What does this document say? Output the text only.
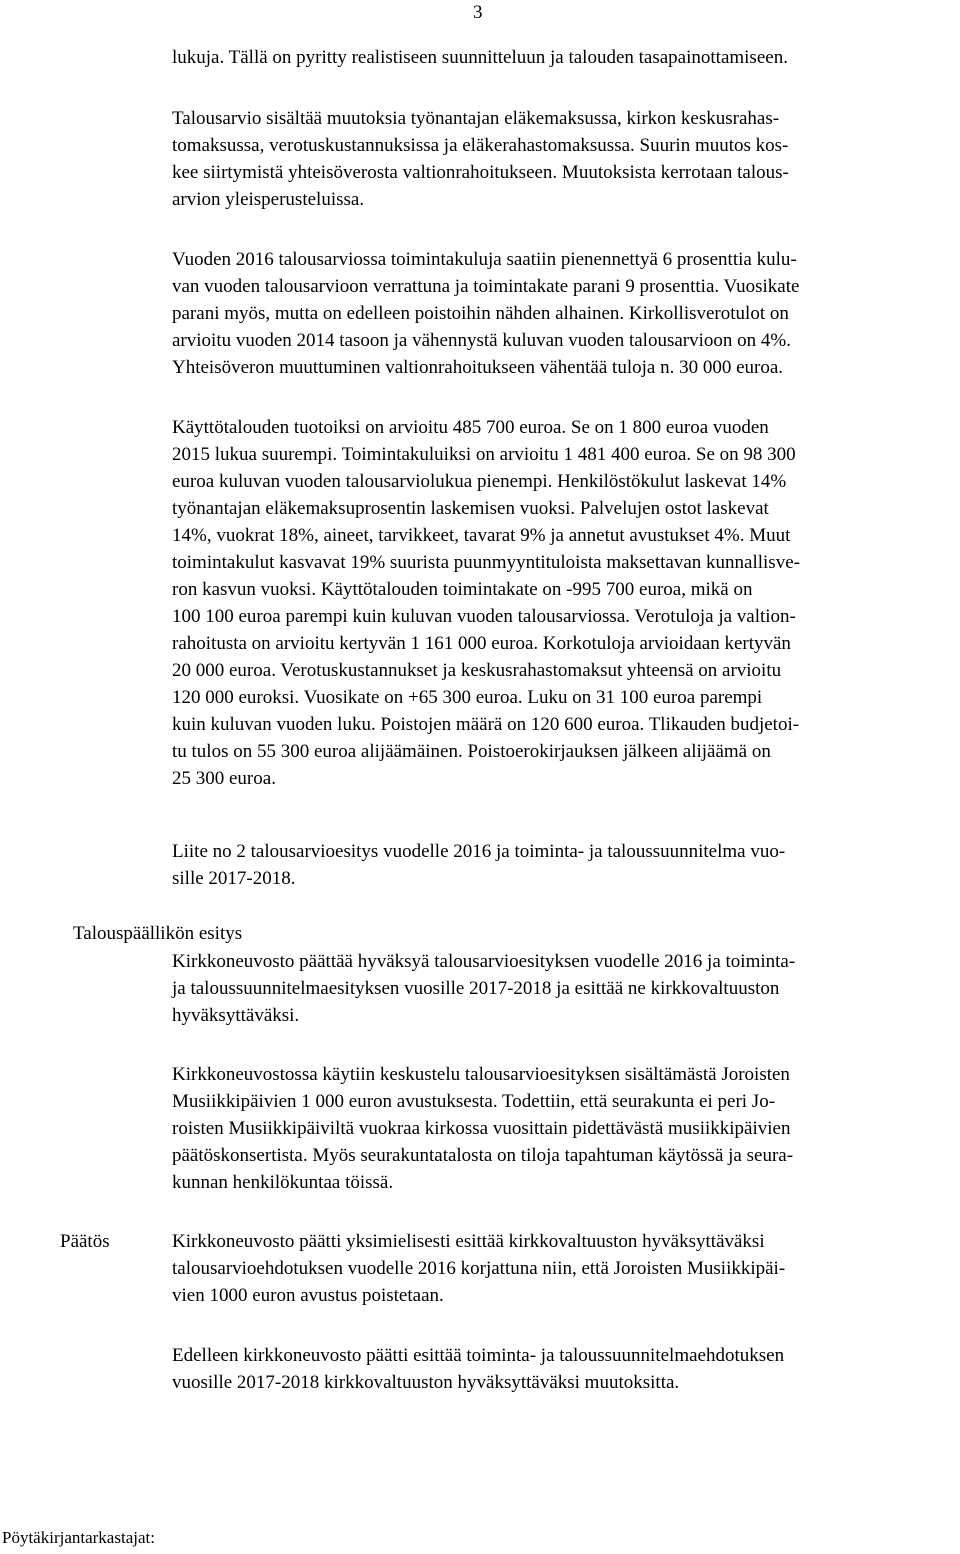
3
lukuja. Tällä on pyritty realistiseen suunnitteluun ja talouden tasapainottamiseen.
Talousarvio sisältää muutoksia työnantajan eläkemaksussa, kirkon keskusrahas-
tomaksussa, verotuskustannuksissa ja eläkerahastomaksussa. Suurin muutos kos-
kee siirtymistä yhteisöverosta valtionrahoitukseen. Muutoksista kerrotaan talous-
arvion yleisperusteluissa.
Vuoden 2016 talousarviossa toimintakuluja saatiin pienennettyä 6 prosenttia kulu-
van vuoden talousarvioon verrattuna ja toimintakate parani 9 prosenttia. Vuosikate
parani myös, mutta on edelleen poistoihin nähden alhainen. Kirkollisverotulot on
arvioitu vuoden 2014 tasoon ja vähennystä kuluvan vuoden talousarvioon on 4%.
Yhteisöveron muuttuminen valtionrahoitukseen vähentää tuloja n. 30 000 euroa.
Käyttötalouden tuotoiksi on arvioitu 485 700 euroa. Se on 1 800 euroa vuoden
2015 lukua suurempi. Toimintakuluiksi on arvioitu 1 481 400 euroa. Se on 98 300
euroa kuluvan vuoden talousarviolukua pienempi. Henkilöstökulut laskevat 14%
työnantajan eläkemaksuprosentin laskemisen vuoksi. Palvelujen ostot laskevat
14%, vuokrat 18%, aineet, tarvikkeet, tavarat 9% ja annetut avustukset 4%. Muut
toimintakulut kasvavat 19% suurista puunmyyntituloista maksettavan kunnallisve-
ron kasvun vuoksi. Käyttötalouden toimintakate on -995 700 euroa, mikä on
100 100 euroa parempi kuin kuluvan vuoden talousarviossa. Verotuloja ja valtion-
rahoitusta on arvioitu kertyvän 1 161 000 euroa. Korkotuloja arvioidaan kertyvän
20 000 euroa. Verotuskustannukset ja keskusrahastomaksut yhteensä on arvioitu
120 000 euroksi. Vuosikate on +65 300 euroa. Luku on 31 100 euroa parempi
kuin kuluvan vuoden luku. Poistojen määrä on 120 600 euroa. Tlikauden budjetoi-
tu tulos on 55 300 euroa alijäämäinen. Poistoerokirjauksen jälkeen alijäämä on
25 300 euroa.
Liite no 2 talousarvioesitys vuodelle 2016 ja toiminta- ja taloussuunnitelma vuo-
sille 2017-2018.
Talouspäällikön esitys
Kirkkoneuvosto päättää hyväksyä talousarvioesityksen vuodelle 2016 ja toiminta-
ja taloussuunnitelmaesityksen vuosille 2017-2018 ja esittää ne kirkkovaltuuston
hyväksyttäväksi.
Kirkkoneuvostossa käytiin keskustelu talousarvioesityksen sisältämästä Joroisten
Musiikkipäivien 1 000 euron avustuksesta. Todettiin, että seurakunta ei peri Jo-
roisten Musiikkipäiviltä vuokraa kirkossa vuosittain pidettävästä musiikkipäivien
päätöskonsertista. Myös seurakuntatalosta on tiloja tapahtuman käytössä ja seura-
kunnan henkilökuntaa töissä.
Päätös	Kirkkoneuvosto päätti yksimielisesti esittää kirkkovaltuuston hyväksyttäväksi
talousarvioehdotuksen vuodelle 2016 korjattuna niin, että Joroisten Musiikkipäi-
vien 1000 euron avustus poistetaan.
Edelleen kirkkoneuvosto päätti esittää toiminta- ja taloussuunnitelmaehdotuksen
vuosille 2017-2018 kirkkovaltuuston hyväksyttäväksi muutoksitta.
Pöytäkirjantarkastajat:
